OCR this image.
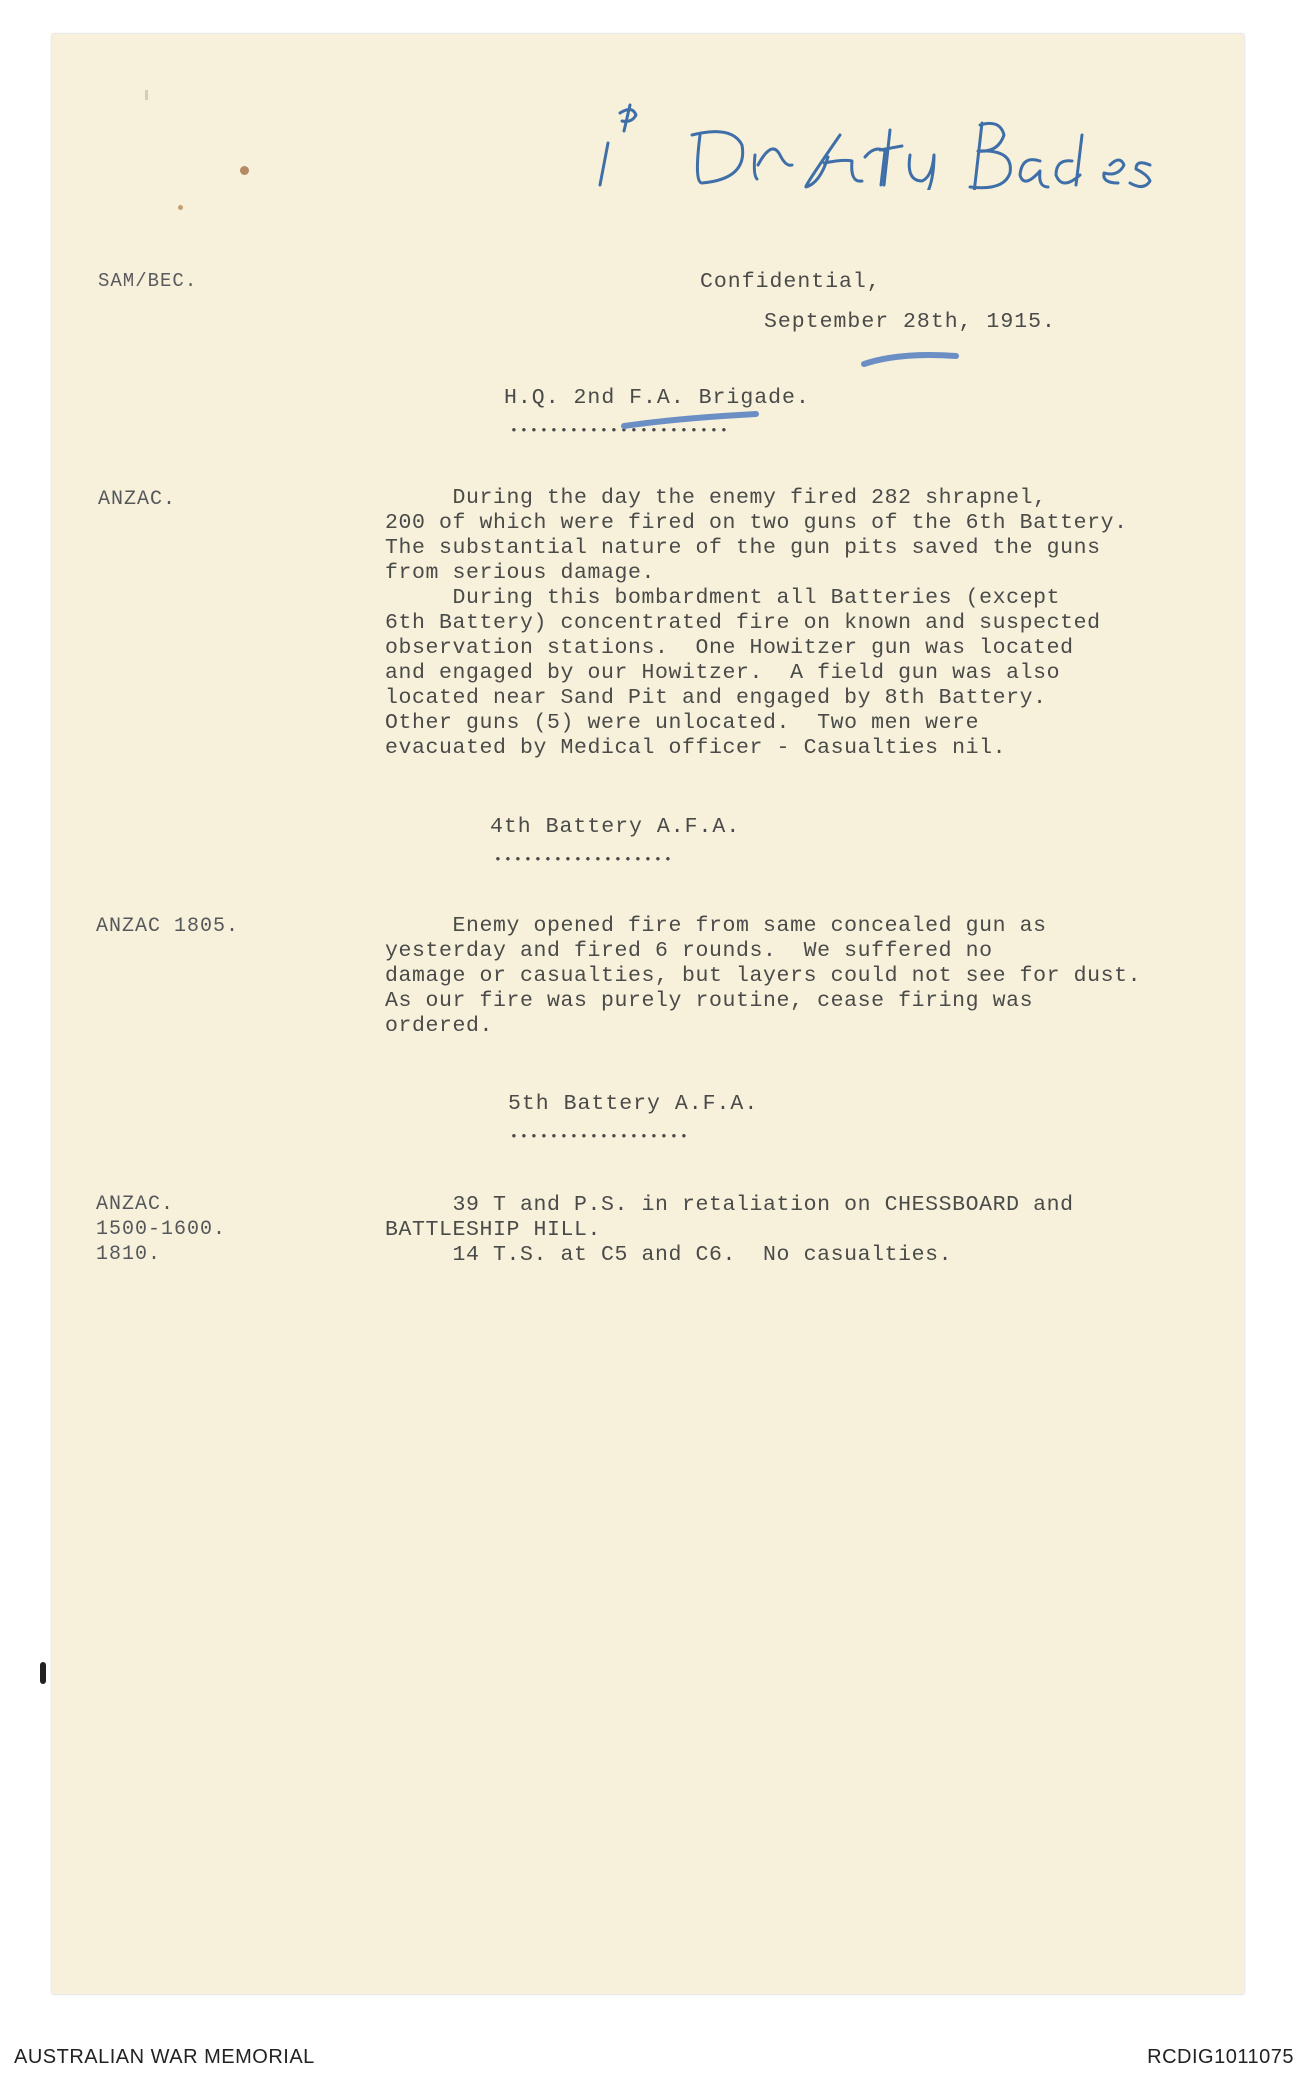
SAM/BEC.	Confidential,
September 28th, 1915.
H.Q. 2nd F.A. Brigade.
••••••••••••••••••••••
ANZAC.	During the day the enemy fired 282 shrapnel,
200 of which were fired on two guns of the 6th Battery.
The substantial nature of the gun pits saved the guns
from serious damage.
During this bombardment all Batteries (except
6th Battery) concentrated fire on known and suspected
observation stations.  One Howitzer gun was located
and engaged by our Howitzer.  A field gun was also
located near Sand Pit and engaged by 8th Battery.
Other guns (5) were unlocated.  Two men were
evacuated by Medical officer - Casualties nil.
4th Battery A.F.A.
••••••••••••••••••
ANZAC 1805.	Enemy opened fire from same concealed gun as
yesterday and fired 6 rounds.  We suffered no
damage or casualties, but layers could not see for dust.
As our fire was purely routine, cease firing was
ordered.
5th Battery A.F.A.
••••••••••••••••••
ANZAC.
1500-1600.
1810.
39 T and P.S. in retaliation on CHESSBOARD and
BATTLESHIP HILL.
14 T.S. at C5 and C6.  No casualties.
AUSTRALIAN WAR MEMORIAL	RCDIG1011075
